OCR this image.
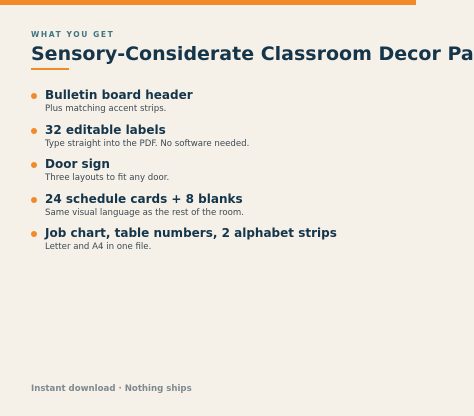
WHAT YOU GET
Sensory-Considerate Classroom Decor Pa
Bulletin board header
Plus matching accent strips.
32 editable labels
Type straight into the PDF. No software needed.
Door sign
Three layouts to fit any door.
24 schedule cards + 8 blanks
Same visual language as the rest of the room.
Job chart, table numbers, 2 alphabet strips
Letter and A4 in one file.
Instant download · Nothing ships
